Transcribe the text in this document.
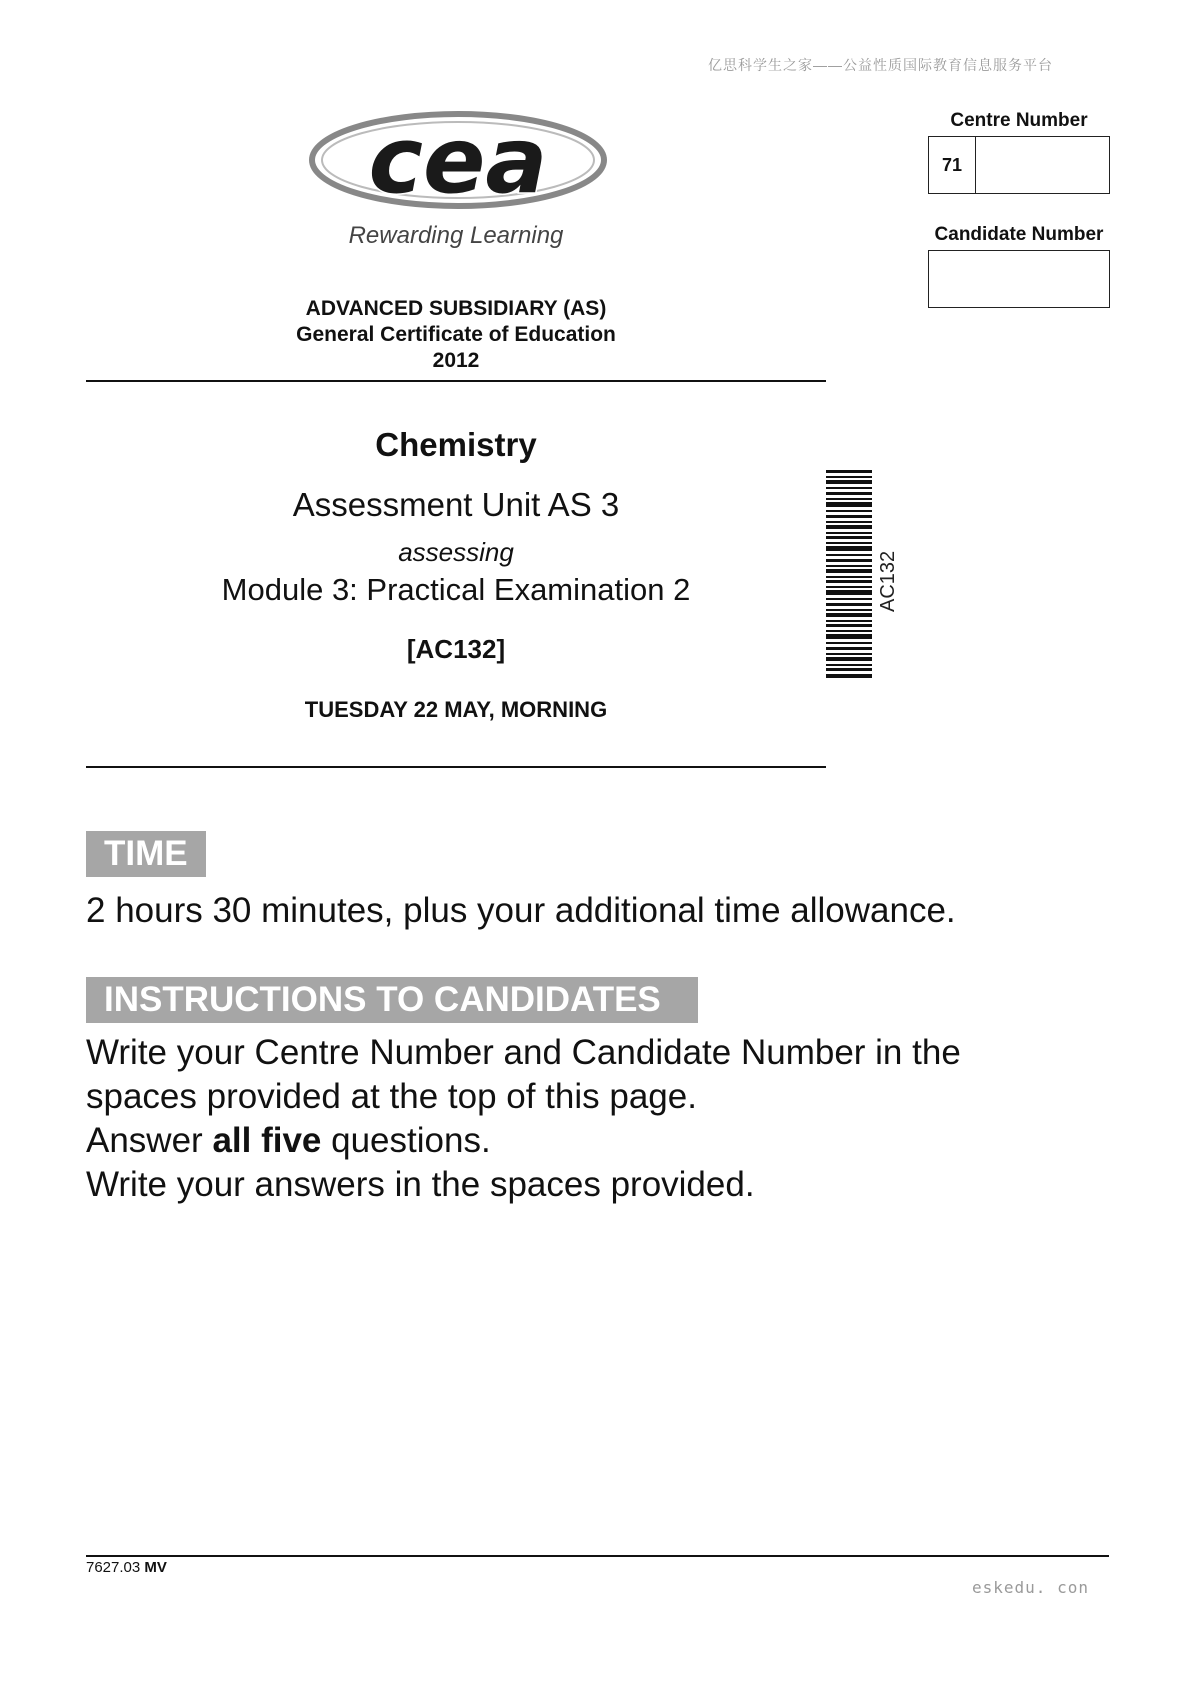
亿思科学生之家——公益性质国际教育信息服务平台
cea
Rewarding Learning
Centre Number
71
Candidate Number
ADVANCED SUBSIDIARY (AS)
General Certificate of Education
2012
Chemistry
Assessment Unit AS 3
assessing
Module 3: Practical Examination 2
[AC132]
TUESDAY 22 MAY, MORNING
AC132
TIME
2 hours 30 minutes, plus your additional time allowance.
INSTRUCTIONS TO CANDIDATES
Write your Centre Number and Candidate Number in the
spaces provided at the top of this page.
Answer all five questions.
Write your answers in the spaces provided.
7627.03 MV
eskedu. con
